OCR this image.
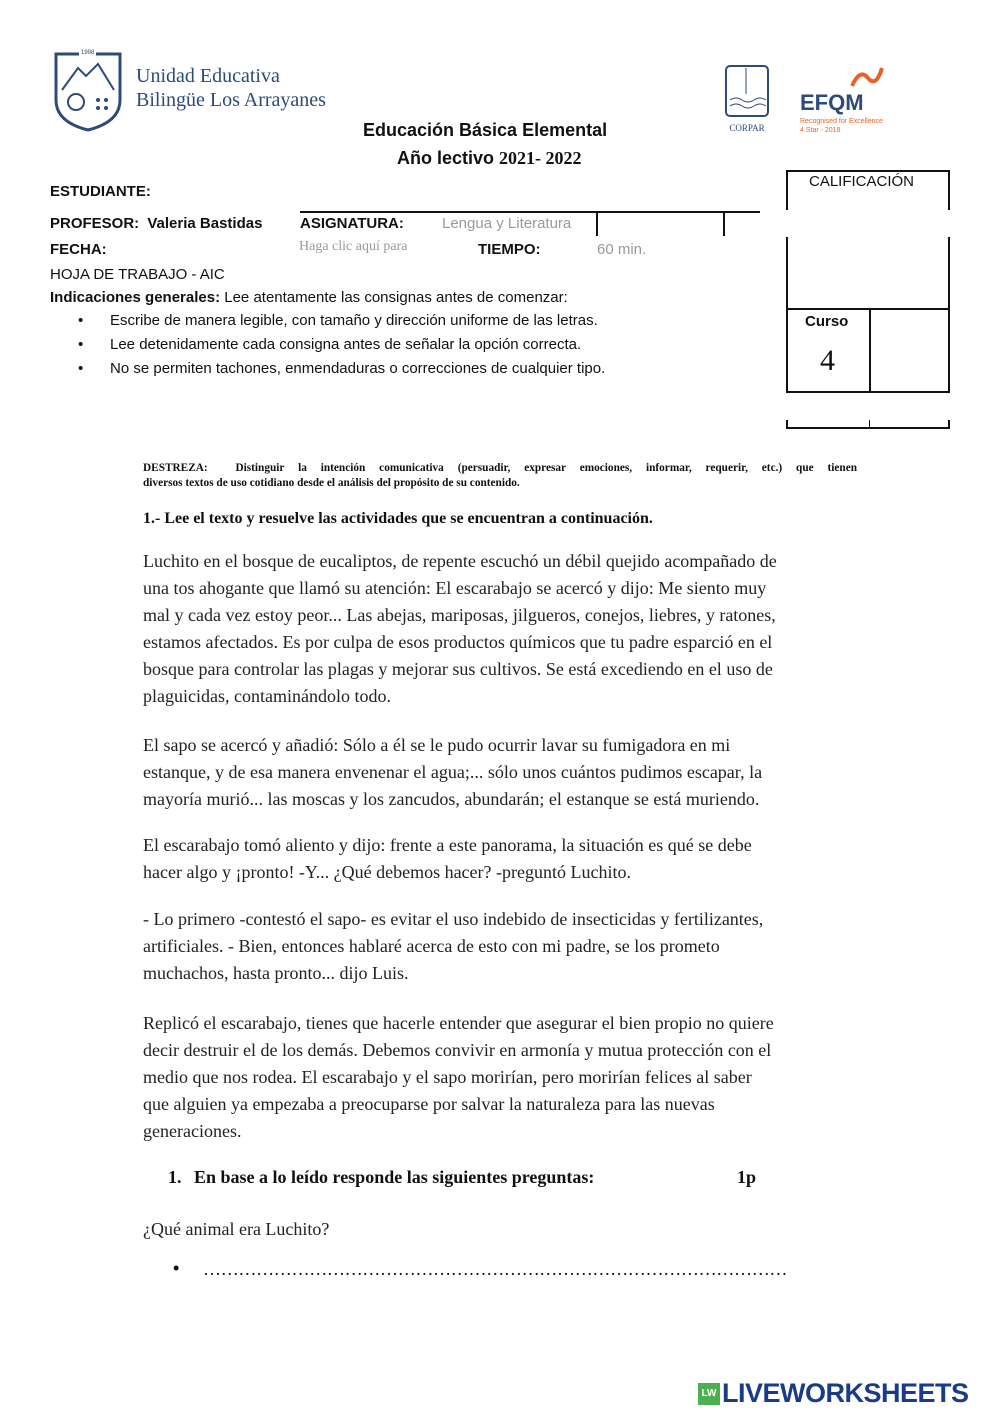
1998
Unidad Educativa
Bilingüe Los Arrayanes
Educación Básica Elemental
Año lectivo 2021- 2022
CORPAR
EFQM
Recognised for Excellence
4 Star - 2018
ESTUDIANTE:
PROFESOR: Valeria Bastidas	ASIGNATURA:	Lengua y Literatura
FECHA:	Haga clic aquí para	TIEMPO:	60 min.
HOJA DE TRABAJO - AIC
Indicaciones generales: Lee atentamente las consignas antes de comenzar:
• Escribe de manera legible, con tamaño y dirección uniforme de las letras.
• Lee detenidamente cada consigna antes de señalar la opción correcta.
• No se permiten tachones, enmendaduras o correcciones de cualquier tipo.
CALIFICACIÓN
Curso
4
DESTREZA: Distinguir la intención comunicativa (persuadir, expresar emociones, informar, requerir, etc.) que tienen
diversos textos de uso cotidiano desde el análisis del propósito de su contenido.
1.- Lee el texto y resuelve las actividades que se encuentran a continuación.
Luchito en el bosque de eucaliptos, de repente escuchó un débil quejido acompañado de
una tos ahogante que llamó su atención: El escarabajo se acercó y dijo: Me siento muy
mal y cada vez estoy peor... Las abejas, mariposas, jilgueros, conejos, liebres, y ratones,
estamos afectados. Es por culpa de esos productos químicos que tu padre esparció en el
bosque para controlar las plagas y mejorar sus cultivos. Se está excediendo en el uso de
plaguicidas, contaminándolo todo.
El sapo se acercó y añadió: Sólo a él se le pudo ocurrir lavar su fumigadora en mi
estanque, y de esa manera envenenar el agua;... sólo unos cuántos pudimos escapar, la
mayoría murió... las moscas y los zancudos, abundarán; el estanque se está muriendo.
El escarabajo tomó aliento y dijo: frente a este panorama, la situación es qué se debe
hacer algo y ¡pronto! -Y... ¿Qué debemos hacer? -preguntó Luchito.
- Lo primero -contestó el sapo- es evitar el uso indebido de insecticidas y fertilizantes,
artificiales. - Bien, entonces hablaré acerca de esto con mi padre, se los prometo
muchachos, hasta pronto... dijo Luis.
Replicó el escarabajo, tienes que hacerle entender que asegurar el bien propio no quiere
decir destruir el de los demás. Debemos convivir en armonía y mutua protección con el
medio que nos rodea. El escarabajo y el sapo morirían, pero morirían felices al saber
que alguien ya empezaba a preocuparse por salvar la naturaleza para las nuevas
generaciones.
1. En base a lo leído responde las siguientes preguntas:	1p
¿Qué animal era Luchito?
• ………………………………………………………………………………………
LW LIVEWORKSHEETS
